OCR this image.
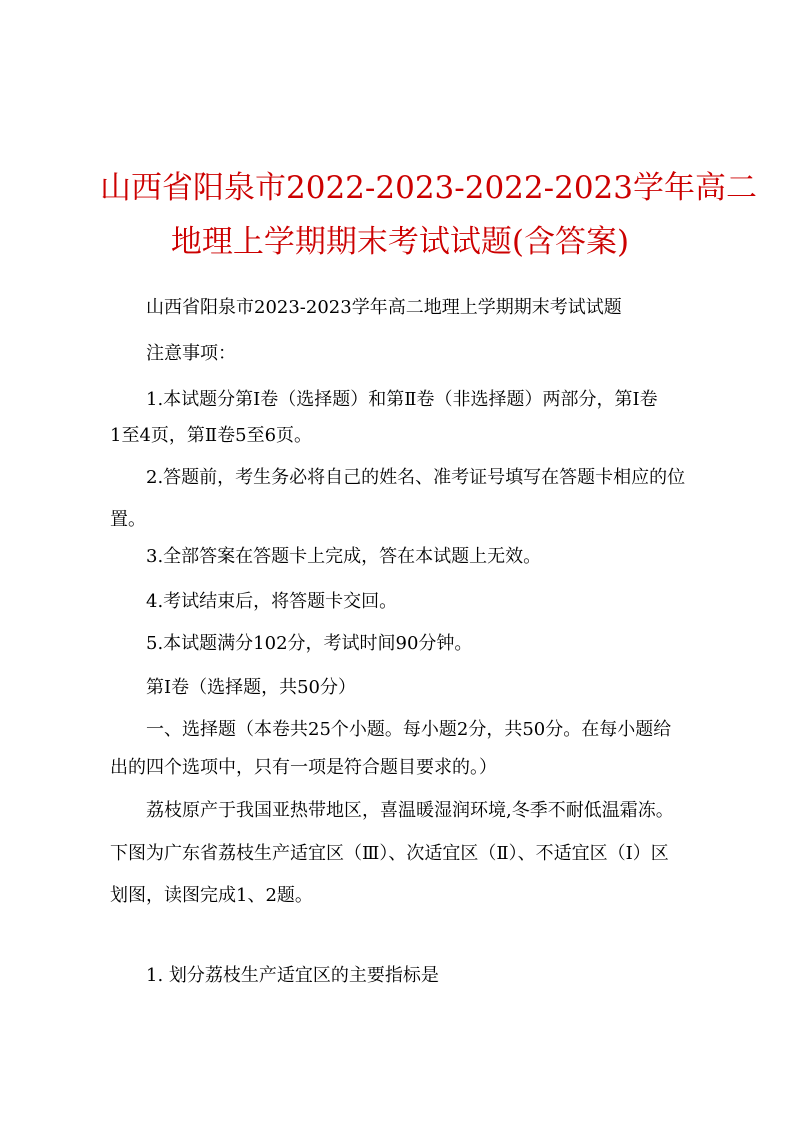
山西省阳泉市2022-2023-2022-2023学年高二
地理上学期期末考试试题(含答案)
山西省阳泉市2023-2023学年高二地理上学期期末考试试题
注意事项：
1.本试题分第Ⅰ卷（选择题）和第Ⅱ卷（非选择题）两部分，第Ⅰ卷
1至4页，第Ⅱ卷5至6页。
2.答题前，考生务必将自己的姓名、准考证号填写在答题卡相应的位
置。
3.全部答案在答题卡上完成，答在本试题上无效。
4.考试结束后，将答题卡交回。
5.本试题满分102分，考试时间90分钟。
第Ⅰ卷（选择题，共50分）
一、选择题（本卷共25个小题。每小题2分，共50分。在每小题给
出的四个选项中，只有一项是符合题目要求的。）
荔枝原产于我国亚热带地区，喜温暖湿润环境,冬季不耐低温霜冻。
下图为广东省荔枝生产适宜区（Ⅲ）、次适宜区（Ⅱ）、不适宜区（Ⅰ）区
划图，读图完成1、2题。
1. 划分荔枝生产适宜区的主要指标是
